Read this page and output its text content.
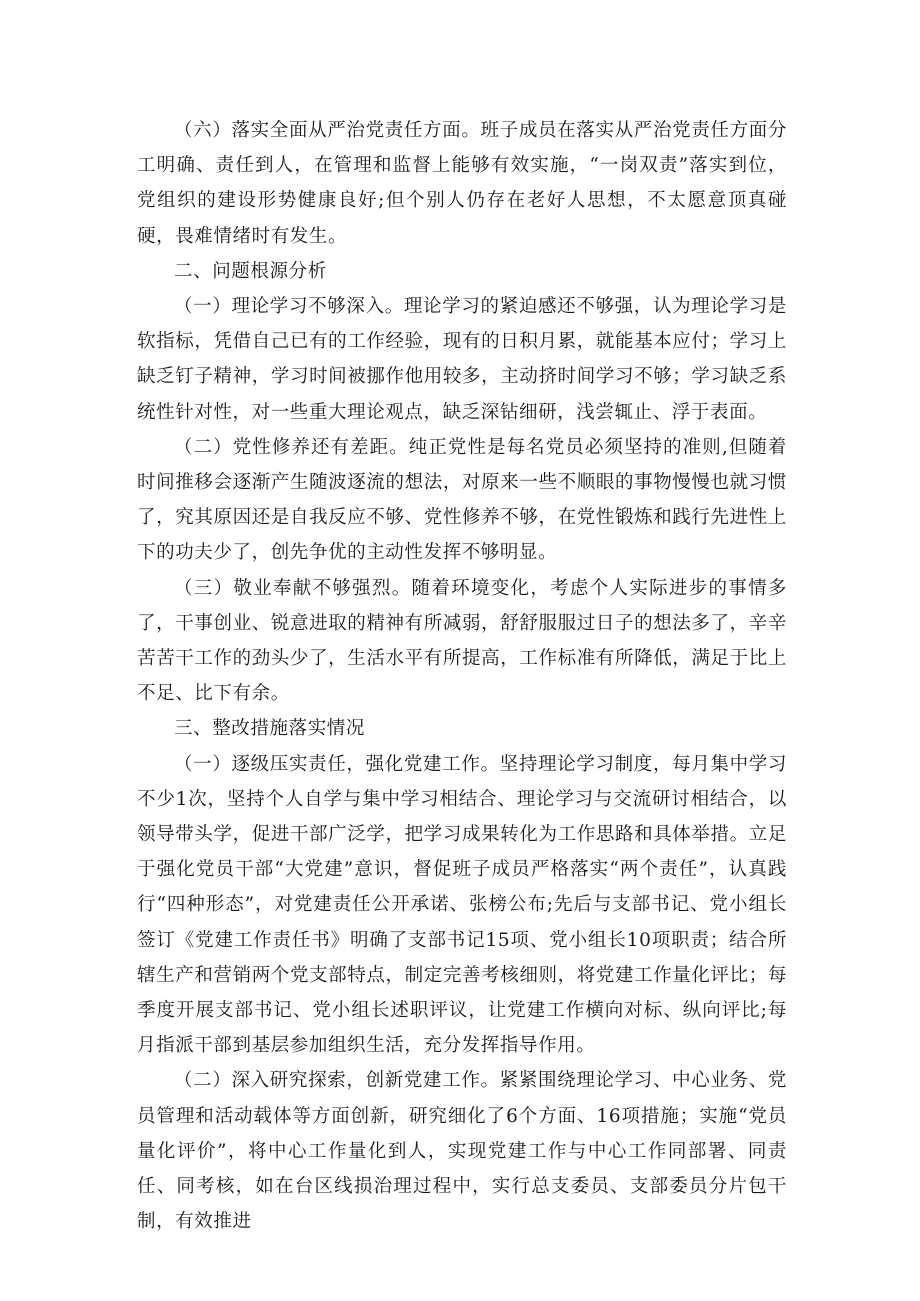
（六）落实全面从严治党责任方面。班子成员在落实从严治党责任方面分工明确、责任到人，在管理和监督上能够有效实施，“一岗双责”落实到位，党组织的建设形势健康良好;但个别人仍存在老好人思想，不太愿意顶真碰硬，畏难情绪时有发生。

二、问题根源分析

（一）理论学习不够深入。理论学习的紧迫感还不够强，认为理论学习是软指标，凭借自己已有的工作经验，现有的日积月累，就能基本应付；学习上缺乏钉子精神，学习时间被挪作他用较多，主动挤时间学习不够；学习缺乏系统性针对性，对一些重大理论观点，缺乏深钻细研，浅尝辄止、浮于表面。

（二）党性修养还有差距。纯正党性是每名党员必须坚持的准则,但随着时间推移会逐渐产生随波逐流的想法，对原来一些不顺眼的事物慢慢也就习惯了，究其原因还是自我反应不够、党性修养不够，在党性锻炼和践行先进性上下的功夫少了，创先争优的主动性发挥不够明显。

（三）敬业奉献不够强烈。随着环境变化，考虑个人实际进步的事情多了，干事创业、锐意进取的精神有所减弱，舒舒服服过日子的想法多了，辛辛苦苦干工作的劲头少了，生活水平有所提高，工作标准有所降低，满足于比上不足、比下有余。

三、整改措施落实情况

（一）逐级压实责任，强化党建工作。坚持理论学习制度，每月集中学习不少1次，坚持个人自学与集中学习相结合、理论学习与交流研讨相结合，以领导带头学，促进干部广泛学，把学习成果转化为工作思路和具体举措。立足于强化党员干部“大党建”意识，督促班子成员严格落实“两个责任”，认真践行“四种形态”，对党建责任公开承诺、张榜公布;先后与支部书记、党小组长签订《党建工作责任书》明确了支部书记15项、党小组长10项职责；结合所辖生产和营销两个党支部特点，制定完善考核细则，将党建工作量化评比；每季度开展支部书记、党小组长述职评议，让党建工作横向对标、纵向评比;每月指派干部到基层参加组织生活，充分发挥指导作用。

（二）深入研究探索，创新党建工作。紧紧围绕理论学习、中心业务、党员管理和活动载体等方面创新，研究细化了6个方面、16项措施；实施“党员量化评价”，将中心工作量化到人，实现党建工作与中心工作同部署、同责任、同考核，如在台区线损治理过程中，实行总支委员、支部委员分片包干制，有效推进
